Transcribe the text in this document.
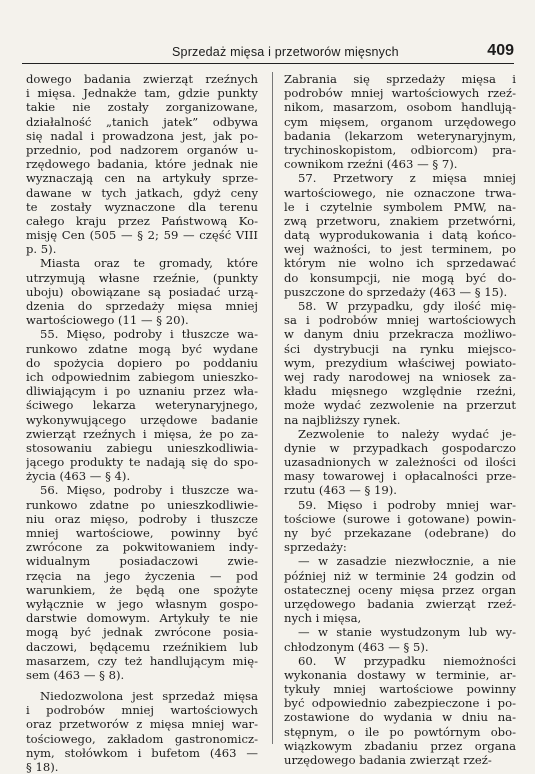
Sprzedaż mięsa i przetworów mięsnych	409
dowego badania zwierząt rzeźnych
i mięsa. Jednakże tam, gdzie punkty
takie nie zostały zorganizowane,
działalność „tanich jatek” odbywa
się nadal i prowadzona jest, jak po-
przednio, pod nadzorem organów u-
rzędowego badania, które jednak nie
wyznaczają cen na artykuły sprze-
dawane w tych jatkach, gdyż ceny
te zostały wyznaczone dla terenu
całego kraju przez Państwową Ko-
misję Cen (505 — § 2; 59 — część VIII
p. 5).
Miasta oraz te gromady, które
utrzymują własne rzeźnie, (punkty
uboju) obowiązane są posiadać urzą-
dzenia do sprzedaży mięsa mniej
wartościowego (11 — § 20).
55. Mięso, podroby i tłuszcze wa-
runkowo zdatne mogą być wydane
do spożycia dopiero po poddaniu
ich odpowiednim zabiegom unieszko-
dliwiającym i po uznaniu przez wła-
ściwego lekarza weterynaryjnego,
wykonywującego urzędowe badanie
zwierząt rzeźnych i mięsa, że po za-
stosowaniu zabiegu unieszkodliwia-
jącego produkty te nadają się do spo-
życia (463 — § 4).
56. Mięso, podroby i tłuszcze wa-
runkowo zdatne po unieszkodliwie-
niu oraz mięso, podroby i tłuszcze
mniej wartościowe, powinny być
zwrócone za pokwitowaniem indy-
widualnym posiadaczowi zwie-
rzęcia na jego życzenia — pod
warunkiem, że będą one spożyte
wyłącznie w jego własnym gospo-
darstwie domowym. Artykuły te nie
mogą być jednak zwrócone posia-
daczowi, będącemu rzeźnikiem lub
masarzem, czy też handlującym mię-
sem (463 — § 8).
Niedozwolona jest sprzedaż mięsa
i podrobów mniej wartościowych
oraz przetworów z mięsa mniej war-
tościowego, zakładom gastronomicz-
nym, stołówkom i bufetom (463 —
§ 18).
Zabrania się sprzedaży mięsa i
podrobów mniej wartościowych rzeź-
nikom, masarzom, osobom handlują-
cym mięsem, organom urzędowego
badania (lekarzom weterynaryjnym,
trychinoskopistom, odbiorcom) pra-
cownikom rzeźni (463 — § 7).
57. Przetwory z mięsa mniej
wartościowego, nie oznaczone trwa-
le i czytelnie symbolem PMW, na-
zwą przetworu, znakiem przetwórni,
datą wyprodukowania i datą końco-
wej ważności, to jest terminem, po
którym nie wolno ich sprzedawać
do konsumpcji, nie mogą być do-
puszczone do sprzedaży (463 — § 15).
58. W przypadku, gdy ilość mię-
sa i podrobów mniej wartościowych
w danym dniu przekracza możliwo-
ści dystrybucji na rynku miejsco-
wym, prezydium właściwej powiato-
wej rady narodowej na wniosek za-
kładu mięsnego względnie rzeźni,
może wydać zezwolenie na przerzut
na najbliższy rynek.
Zezwolenie to należy wydać je-
dynie w przypadkach gospodarczo
uzasadnionych w zależności od ilości
masy towarowej i opłacalności prze-
rzutu (463 — § 19).
59. Mięso i podroby mniej war-
tościowe (surowe i gotowane) powin-
ny być przekazane (odebrane) do
sprzedaży:
— w zasadzie niezwłocznie, a nie
później niż w terminie 24 godzin od
ostatecznej oceny mięsa przez organ
urzędowego badania zwierząt rzeź-
nych i mięsa,
— w stanie wystudzonym lub wy-
chłodzonym (463 — § 5).
60. W przypadku niemożności
wykonania dostawy w terminie, ar-
tykuły mniej wartościowe powinny
być odpowiednio zabezpieczone i po-
zostawione do wydania w dniu na-
stępnym, o ile po powtórnym obo-
wiązkowym zbadaniu przez organa
urzędowego badania zwierząt rzeź-
